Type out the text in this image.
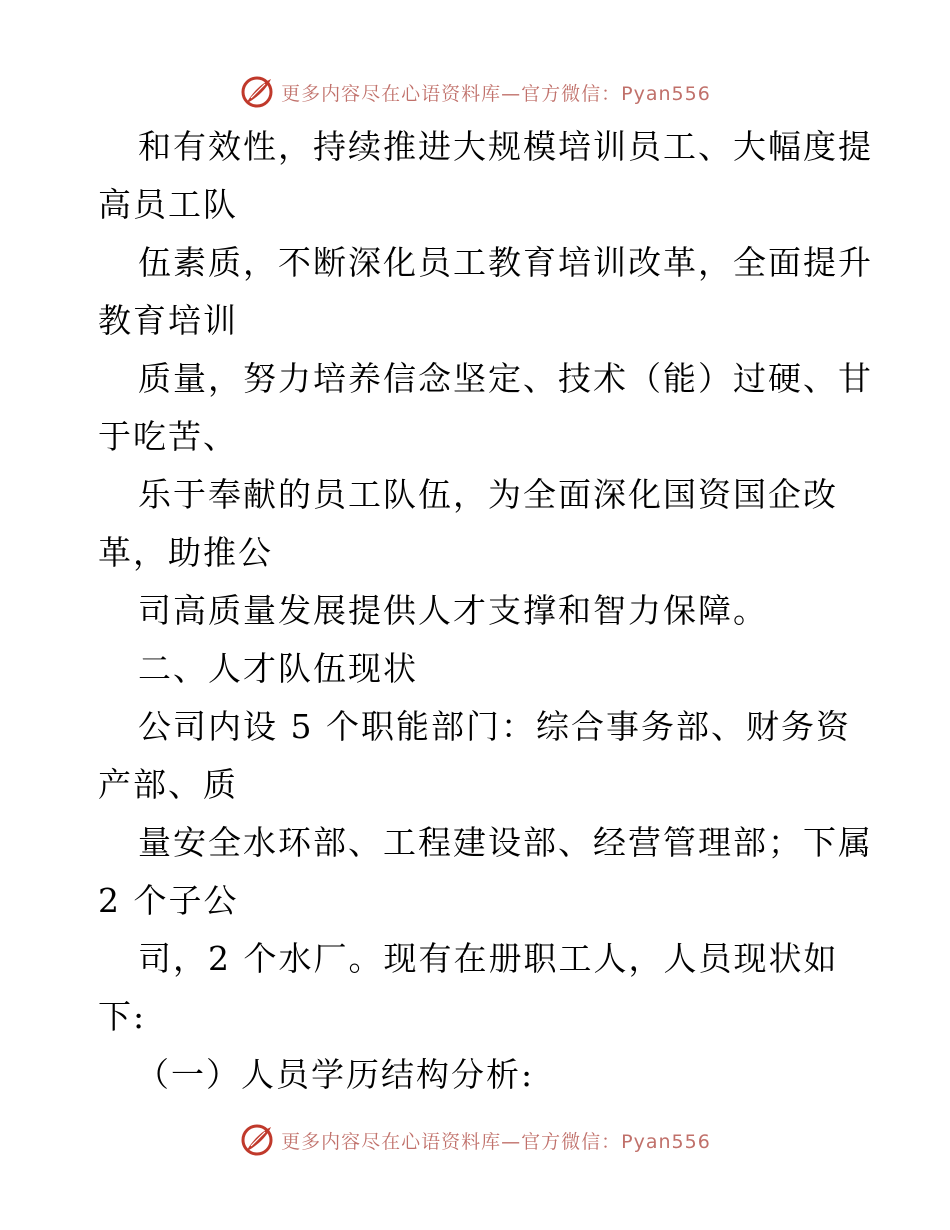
更多内容尽在心语资料库—官方微信：Pyan556
和有效性，持续推进大规模培训员工、大幅度提
高员工队
伍素质，不断深化员工教育培训改革，全面提升
教育培训
质量，努力培养信念坚定、技术（能）过硬、甘
于吃苦、
乐于奉献的员工队伍，为全面深化国资国企改
革，助推公
司高质量发展提供人才支撑和智力保障。
二、人才队伍现状
公司内设 5 个职能部门：综合事务部、财务资
产部、质
量安全水环部、工程建设部、经营管理部；下属
2 个子公
司，2 个水厂。现有在册职工人，人员现状如
下:
（一）人员学历结构分析:
更多内容尽在心语资料库—官方微信：Pyan556
